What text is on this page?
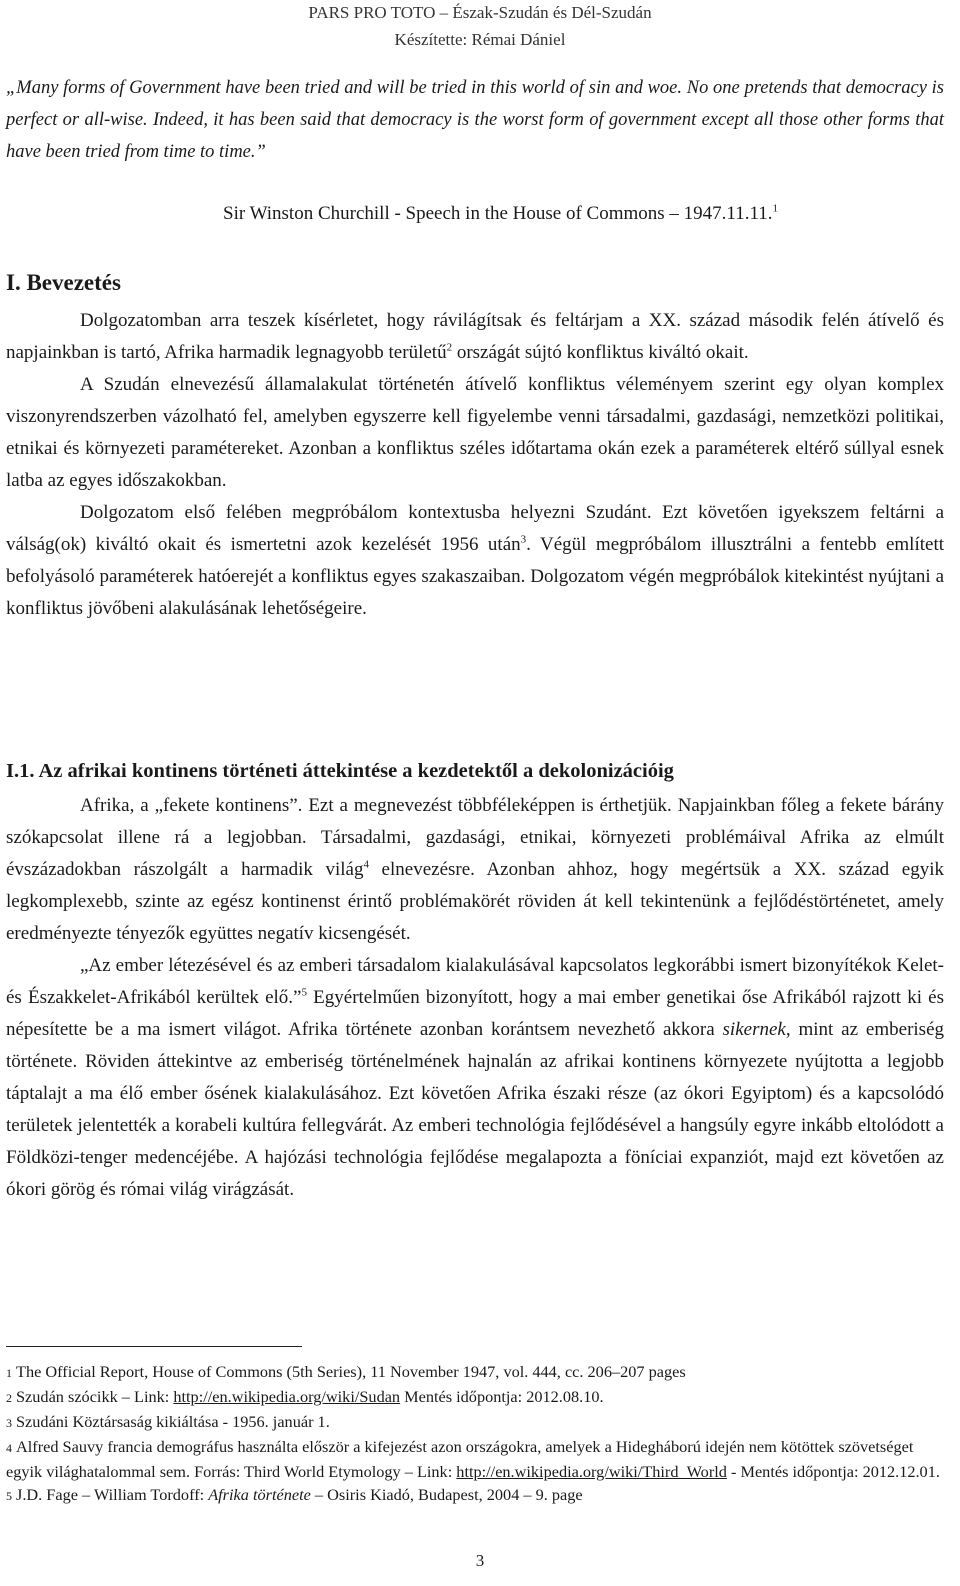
PARS PRO TOTO – Észak-Szudán és Dél-Szudán
Készítette: Rémai Dániel
„Many forms of Government have been tried and will be tried in this world of sin and woe. No one pretends that democracy is perfect or all-wise. Indeed, it has been said that democracy is the worst form of government except all those other forms that have been tried from time to time.”
Sir Winston Churchill - Speech in the House of Commons – 1947.11.11.$^1$
I. Bevezetés

Dolgozatomban arra teszek kísérletet, hogy rávilágítsak és feltárjam a XX. század második felén átívelő és napjainkban is tartó, Afrika harmadik legnagyobb területű$^2$ országát sújtó konfliktus kiváltó okait.

A Szudán elnevezésű államalakulat történetén átívelő konfliktus véleményem szerint egy olyan komplex viszonyrendszerben vázolható fel, amelyben egyszerre kell figyelembe venni társadalmi, gazdasági, nemzetközi politikai, etnikai és környezeti paramétereket. Azonban a konfliktus széles időtartama okán ezek a paraméterek eltérő súllyal esnek latba az egyes időszakokban.

Dolgozatom első felében megpróbálom kontextusba helyezni Szudánt. Ezt követően igyekszem feltárni a válság(ok) kiváltó okait és ismertetni azok kezelését 1956 után$^3$. Végül megpróbálom illusztrálni a fentebb említett befolyásoló paraméterek hatóerejét a konfliktus egyes szakaszaiban. Dolgozatom végén megpróbálok kitekintést nyújtani a konfliktus jövőbeni alakulásának lehetőségeire.

I.1. Az afrikai kontinens történeti áttekintése a kezdetektől a dekolonizációig

Afrika, a „fekete kontinens”. Ezt a megnevezést többféleképpen is érthetjük. Napjainkban főleg a fekete bárány szókapcsolat illene rá a legjobban. Társadalmi, gazdasági, etnikai, környezeti problémáival Afrika az elmúlt évszázadokban rászolgált a harmadik világ$^4$ elnevezésre. Azonban ahhoz, hogy megértsük a XX. század egyik legkomplexebb, szinte az egész kontinenst érintő problémakörét röviden át kell tekintenünk a fejlődéstörténetet, amely eredményezte tényezők együttes negatív kicsengését.

„Az ember létezésével és az emberi társadalom kialakulásával kapcsolatos legkorábbi ismert bizonyítékok Kelet- és Északkelet-Afrikából kerültek elő.”$^5$ Egyértelműen bizonyított, hogy a mai ember genetikai őse Afrikából rajzott ki és népesítette be a ma ismert világot. Afrika története azonban korántsem nevezhető akkora sikernek, mint az emberiség története. Röviden áttekintve az emberiség történelmének hajnalán az afrikai kontinens környezete nyújtotta a legjobb táptalajt a ma élő ember ősének kialakulásához. Ezt követően Afrika északi része (az ókori Egyiptom) és a kapcsolódó területek jelentették a korabeli kultúra fellegvárát. Az emberi technológia fejlődésével a hangsúly egyre inkább eltolódott a Földközi-tenger medencéjébe. A hajózási technológia fejlődése megalapozta a föníciai expanziót, majd ezt követően az ókori görög és római világ virágzását.

1 The Official Report, House of Commons (5th Series), 11 November 1947, vol. 444, cc. 206–207 pages

2 Szudán szócikk – Link: http://en.wikipedia.org/wiki/Sudan Mentés időpontja: 2012.08.10.

3 Szudáni Köztársaság kikiáltása - 1956. január 1.

4 Alfred Sauvy francia demográfus használta először a kifejezést azon országokra, amelyek a Hidegháború idején nem kötöttek szövetséget egyik világhatalommal sem. Forrás: Third World Etymology – Link: http://en.wikipedia.org/wiki/Third_World - Mentés időpontja: 2012.12.01.

5 J.D. Fage – William Tordoff: Afrika története – Osiris Kiadó, Budapest, 2004 – 9. page

3
